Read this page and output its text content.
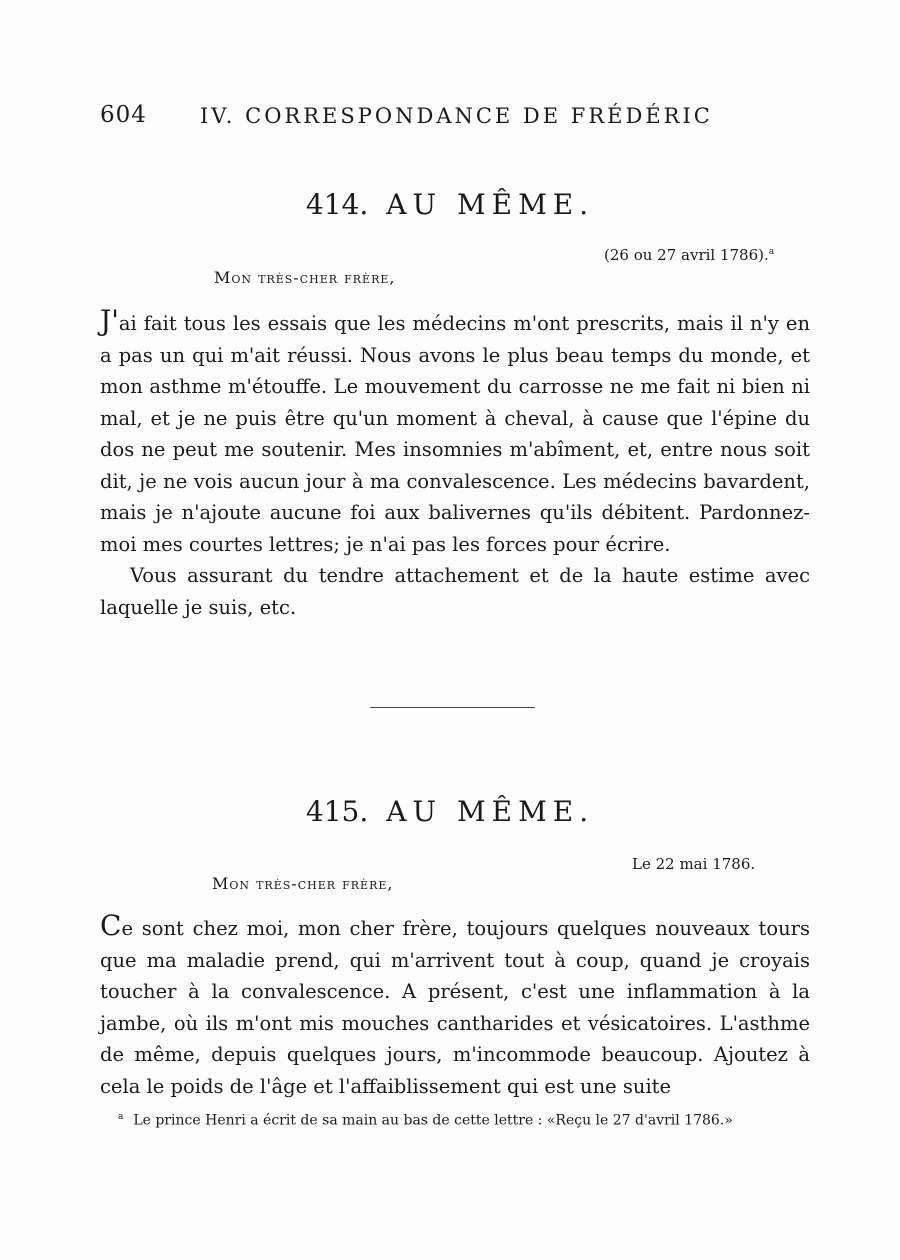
604	IV. CORRESPONDANCE DE FRÉDÉRIC
414. AU MÊME.
(26 ou 27 avril 1786).$^a$
Mon très-cher frère,

J'ai fait tous les essais que les médecins m'ont prescrits, mais il n'y en a pas un qui m'ait réussi. Nous avons le plus beau temps du monde, et mon asthme m'étouffe. Le mouvement du carrosse ne me fait ni bien ni mal, et je ne puis être qu'un moment à cheval, à cause que l'épine du dos ne peut me soutenir. Mes insomnies m'abîment, et, entre nous soit dit, je ne vois aucun jour à ma convalescence. Les médecins bavardent, mais je n'ajoute aucune foi aux balivernes qu'ils débitent. Pardonnez-moi mes courtes lettres; je n'ai pas les forces pour écrire.

Vous assurant du tendre attachement et de la haute estime avec laquelle je suis, etc.

415. AU MÊME.
Le 22 mai 1786.
Mon très-cher frère,

Ce sont chez moi, mon cher frère, toujours quelques nouveaux tours que ma maladie prend, qui m'arrivent tout à coup, quand je croyais toucher à la convalescence. A présent, c'est une inflammation à la jambe, où ils m'ont mis mouches cantharides et vésicatoires. L'asthme de même, depuis quelques jours, m'incommode beaucoup. Ajoutez à cela le poids de l'âge et l'affaiblissement qui est une suite

$^a$ Le prince Henri a écrit de sa main au bas de cette lettre : «Reçu le 27 d'avril 1786.»
